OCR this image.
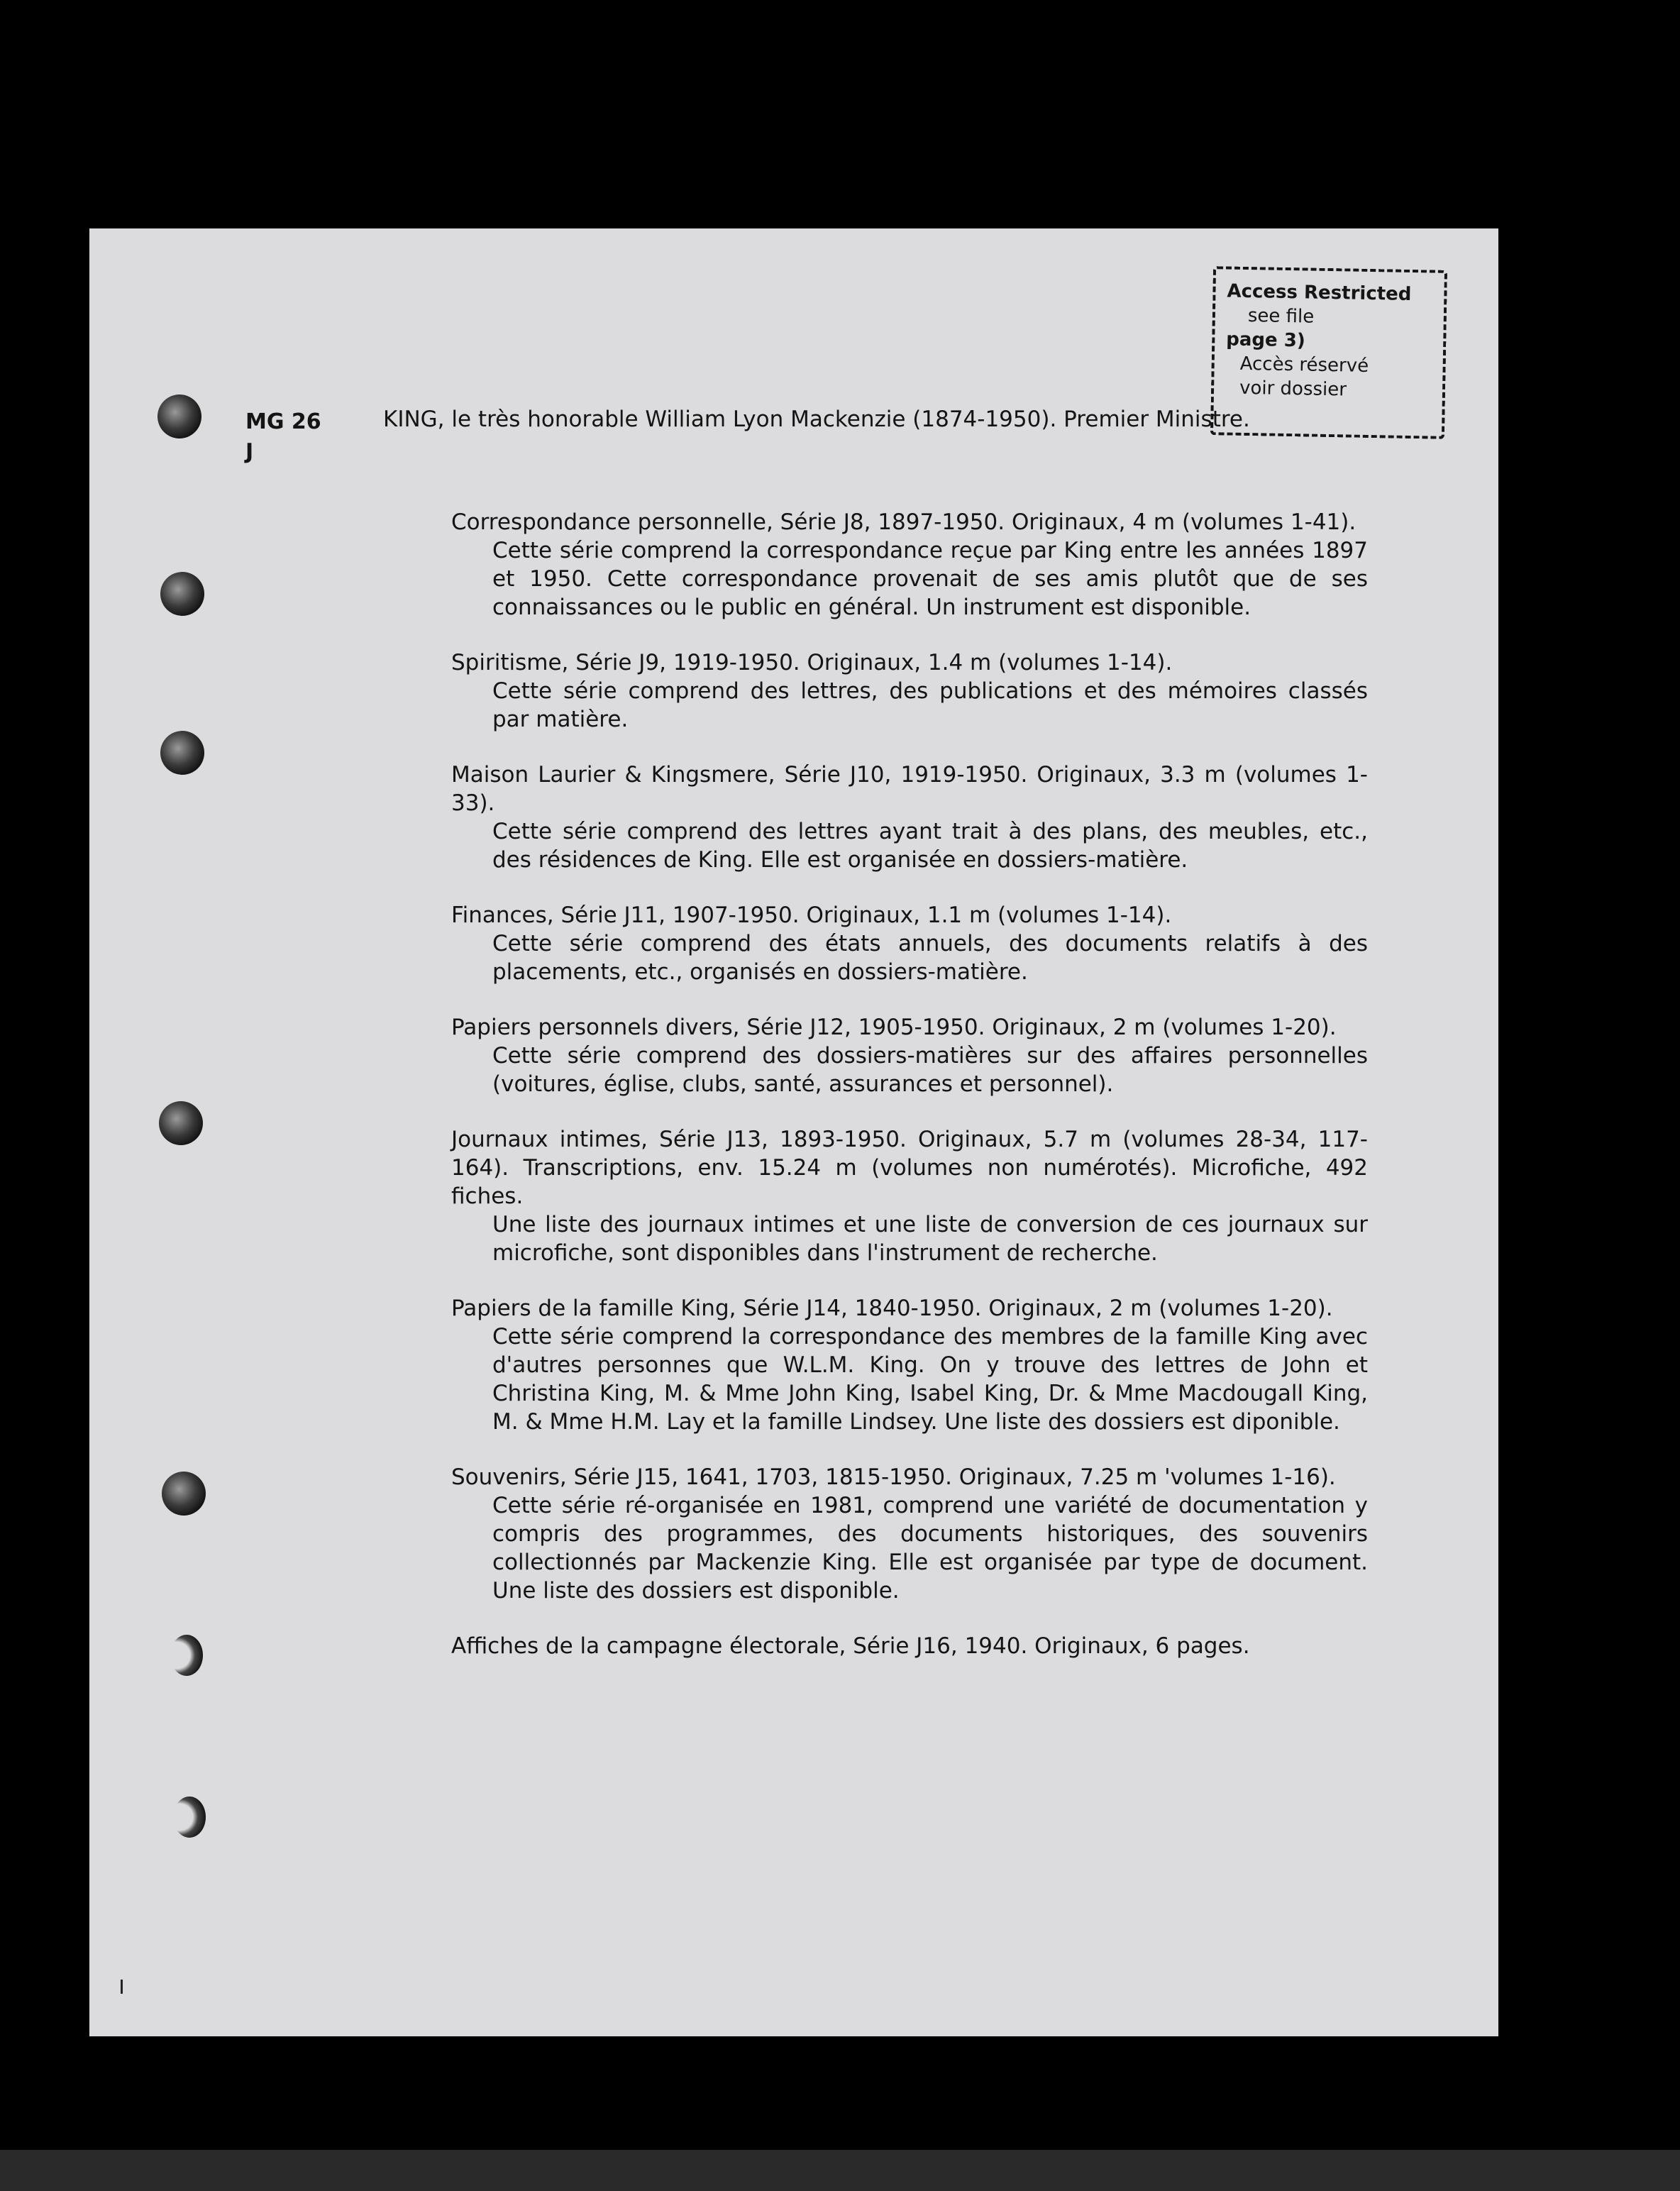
Access Restricted
see file
page 3)
Accès réservé
voir dossier
MG 26
J
KING, le très honorable William Lyon Mackenzie (1874-1950). Premier Ministre.
Correspondance personnelle, Série J8, 1897-1950. Originaux, 4 m (volumes 1-41).
Cette série comprend la correspondance reçue par King entre les années 1897 et 1950. Cette correspondance provenait de ses amis plutôt que de ses connaissances ou le public en général. Un instrument est disponible.
Spiritisme, Série J9, 1919-1950. Originaux, 1.4 m (volumes 1-14).
Cette série comprend des lettres, des publications et des mémoires classés par matière.
Maison Laurier & Kingsmere, Série J10, 1919-1950. Originaux, 3.3 m (volumes 1-33).
Cette série comprend des lettres ayant trait à des plans, des meubles, etc., des résidences de King. Elle est organisée en dossiers-matière.
Finances, Série J11, 1907-1950. Originaux, 1.1 m (volumes 1-14).
Cette série comprend des états annuels, des documents relatifs à des placements, etc., organisés en dossiers-matière.
Papiers personnels divers, Série J12, 1905-1950. Originaux, 2 m (volumes 1-20).
Cette série comprend des dossiers-matières sur des affaires personnelles (voitures, église, clubs, santé, assurances et personnel).
Journaux intimes, Série J13, 1893-1950. Originaux, 5.7 m (volumes 28-34, 117-164). Transcriptions, env. 15.24 m (volumes non numérotés). Microfiche, 492 fiches.
Une liste des journaux intimes et une liste de conversion de ces journaux sur microfiche, sont disponibles dans l'instrument de recherche.
Papiers de la famille King, Série J14, 1840-1950. Originaux, 2 m (volumes 1-20).
Cette série comprend la correspondance des membres de la famille King avec d'autres personnes que W.L.M. King. On y trouve des lettres de John et Christina King, M. & Mme John King, Isabel King, Dr. & Mme Macdougall King, M. & Mme H.M. Lay et la famille Lindsey. Une liste des dossiers est diponible.
Souvenirs, Série J15, 1641, 1703, 1815-1950. Originaux, 7.25 m 'volumes 1-16).
Cette série ré-organisée en 1981, comprend une variété de documentation y compris des programmes, des documents historiques, des souvenirs collectionnés par Mackenzie King. Elle est organisée par type de document. Une liste des dossiers est disponible.
Affiches de la campagne électorale, Série J16, 1940. Originaux, 6 pages.
